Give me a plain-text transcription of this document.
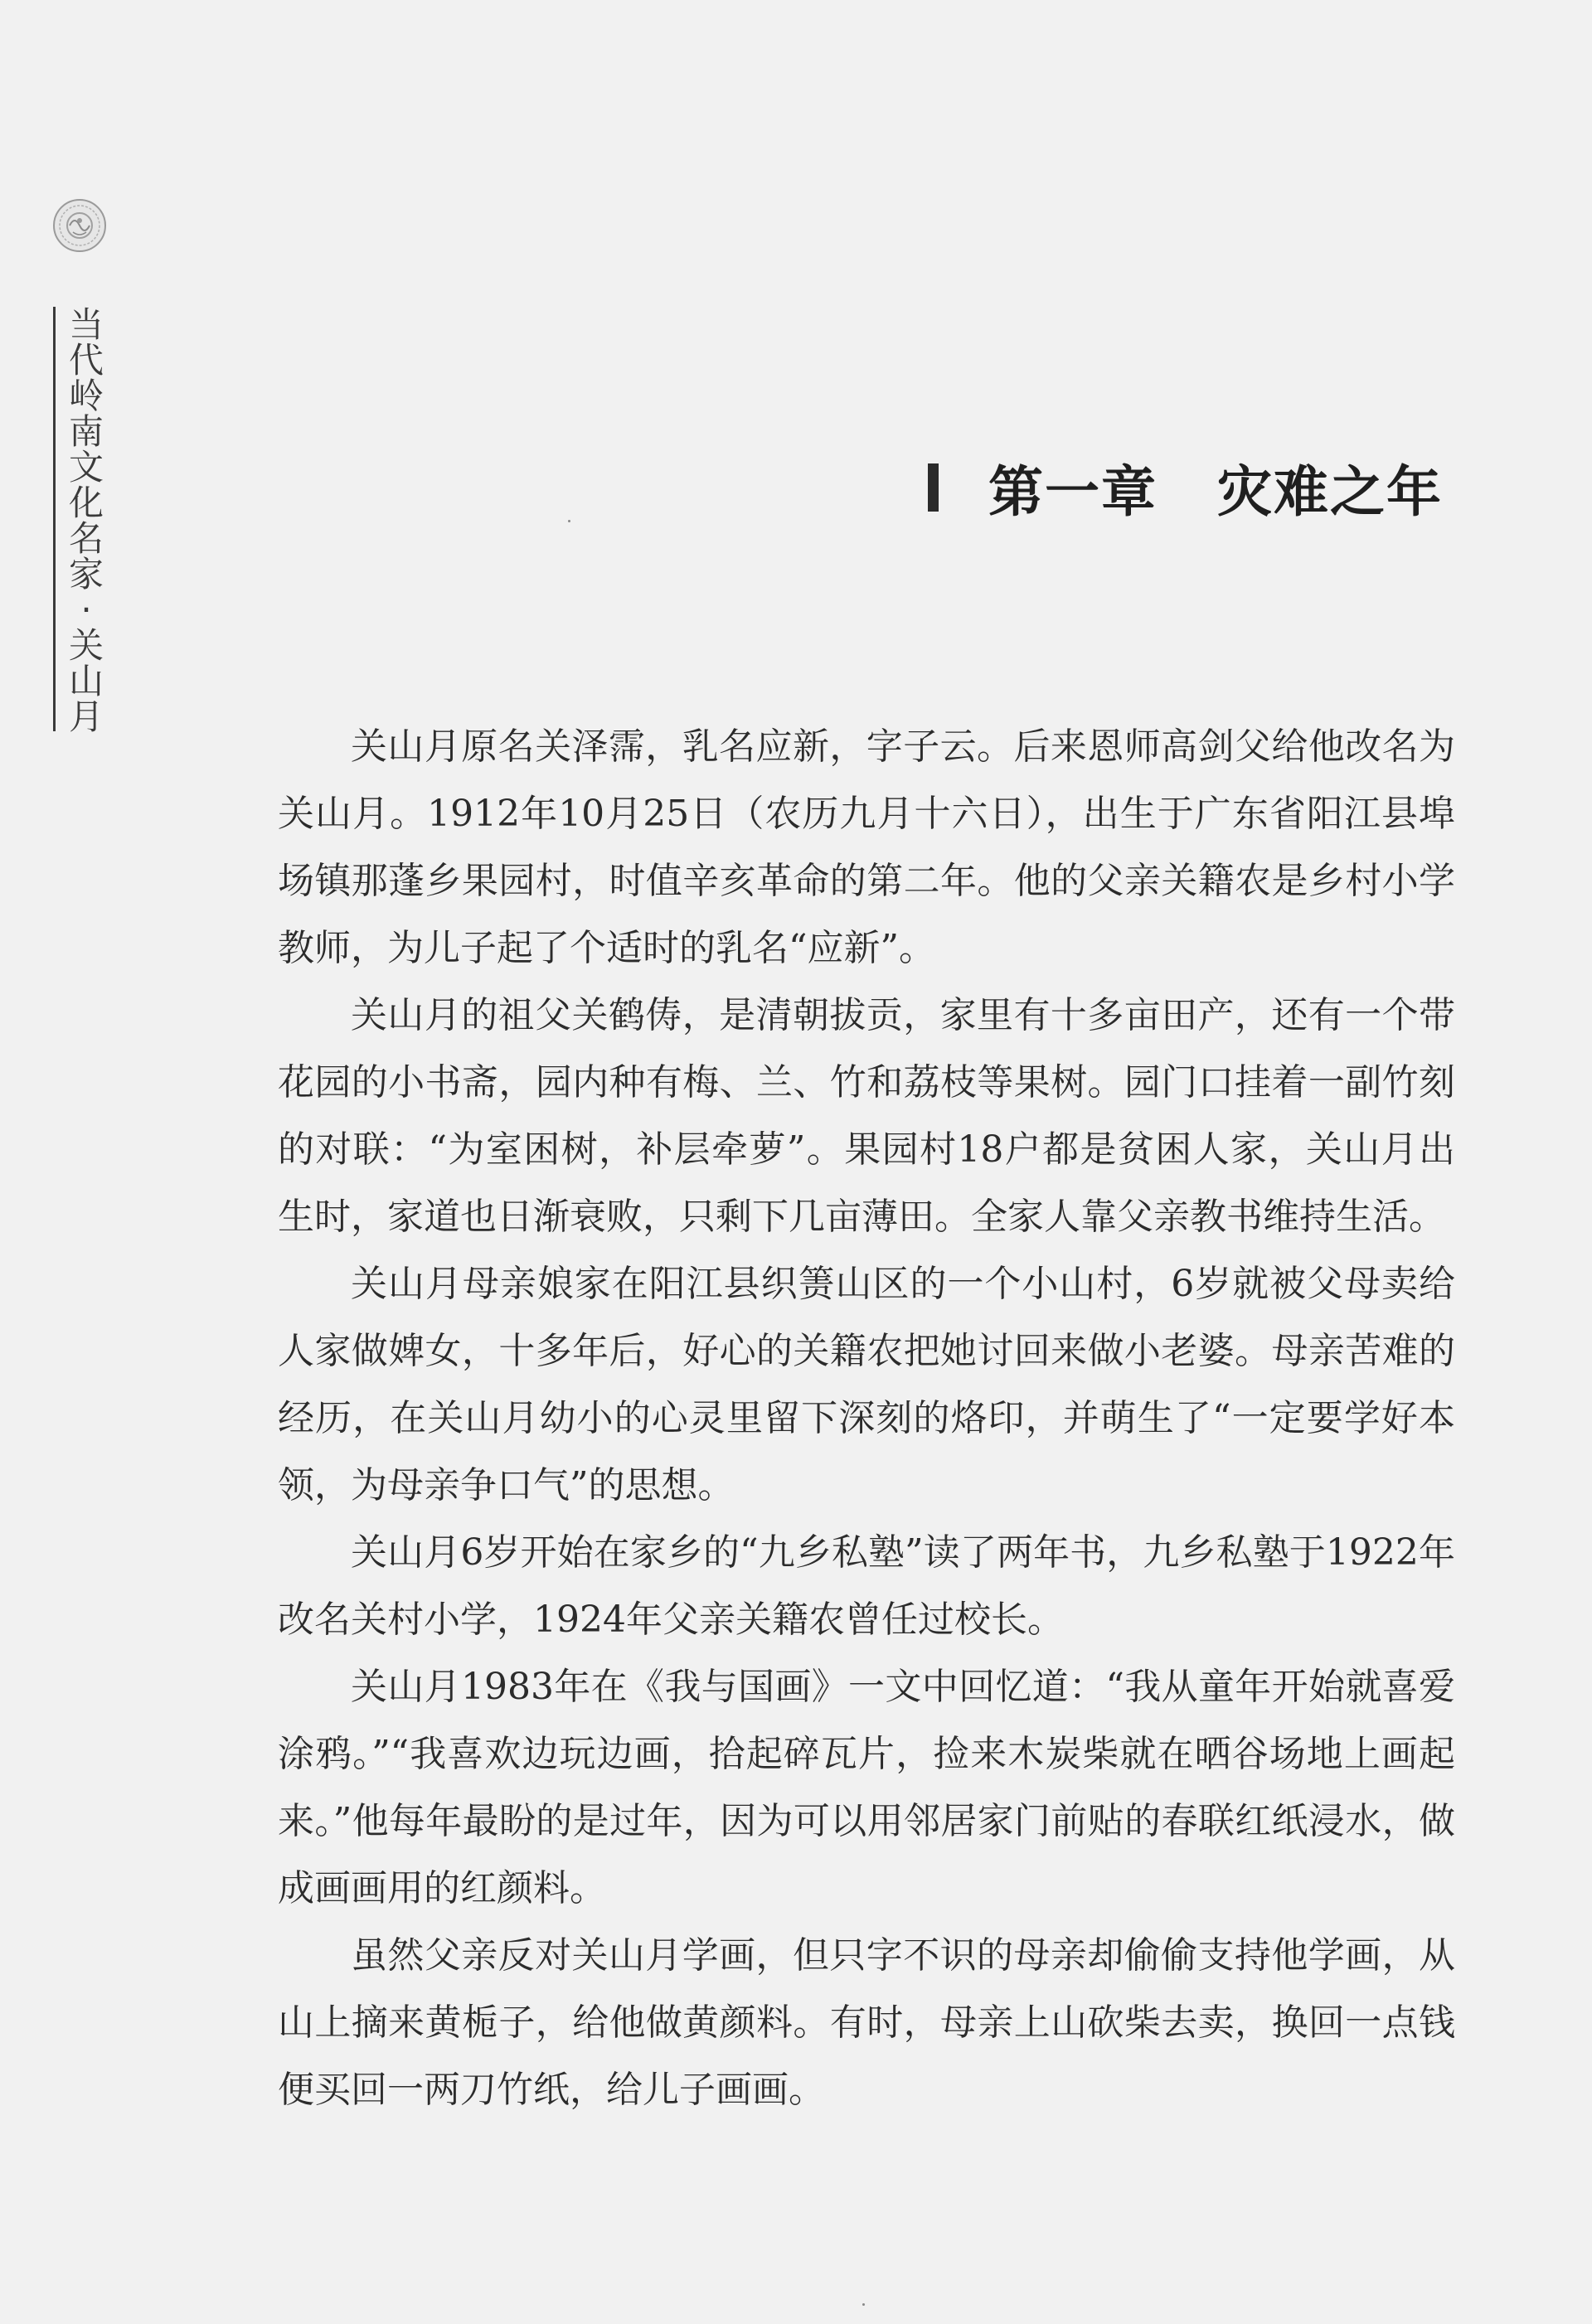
当代岭南文化名家·关山月
第一章 灾难之年

关山月原名关泽霈，乳名应新，字子云。后来恩师高剑父给他改名为关山月。1912年10月25日（农历九月十六日），出生于广东省阳江县埠场镇那蓬乡果园村，时值辛亥革命的第二年。他的父亲关籍农是乡村小学教师，为儿子起了个适时的乳名“应新”。

关山月的祖父关鹤俦，是清朝拔贡，家里有十多亩田产，还有一个带花园的小书斋，园内种有梅、兰、竹和荔枝等果树。园门口挂着一副竹刻的对联：“为室困树，补层牵萝”。果园村18户都是贫困人家，关山月出生时，家道也日渐衰败，只剩下几亩薄田。全家人靠父亲教书维持生活。

关山月母亲娘家在阳江县织箦山区的一个小山村，6岁就被父母卖给人家做婢女，十多年后，好心的关籍农把她讨回来做小老婆。母亲苦难的经历，在关山月幼小的心灵里留下深刻的烙印，并萌生了“一定要学好本领，为母亲争口气”的思想。

关山月6岁开始在家乡的“九乡私塾”读了两年书，九乡私塾于1922年改名关村小学，1924年父亲关籍农曾任过校长。

关山月1983年在《我与国画》一文中回忆道：“我从童年开始就喜爱涂鸦。”“我喜欢边玩边画，拾起碎瓦片，捡来木炭柴就在晒谷场地上画起来。”他每年最盼的是过年，因为可以用邻居家门前贴的春联红纸浸水，做成画画用的红颜料。

虽然父亲反对关山月学画，但只字不识的母亲却偷偷支持他学画，从山上摘来黄栀子，给他做黄颜料。有时，母亲上山砍柴去卖，换回一点钱便买回一两刀竹纸，给儿子画画。
